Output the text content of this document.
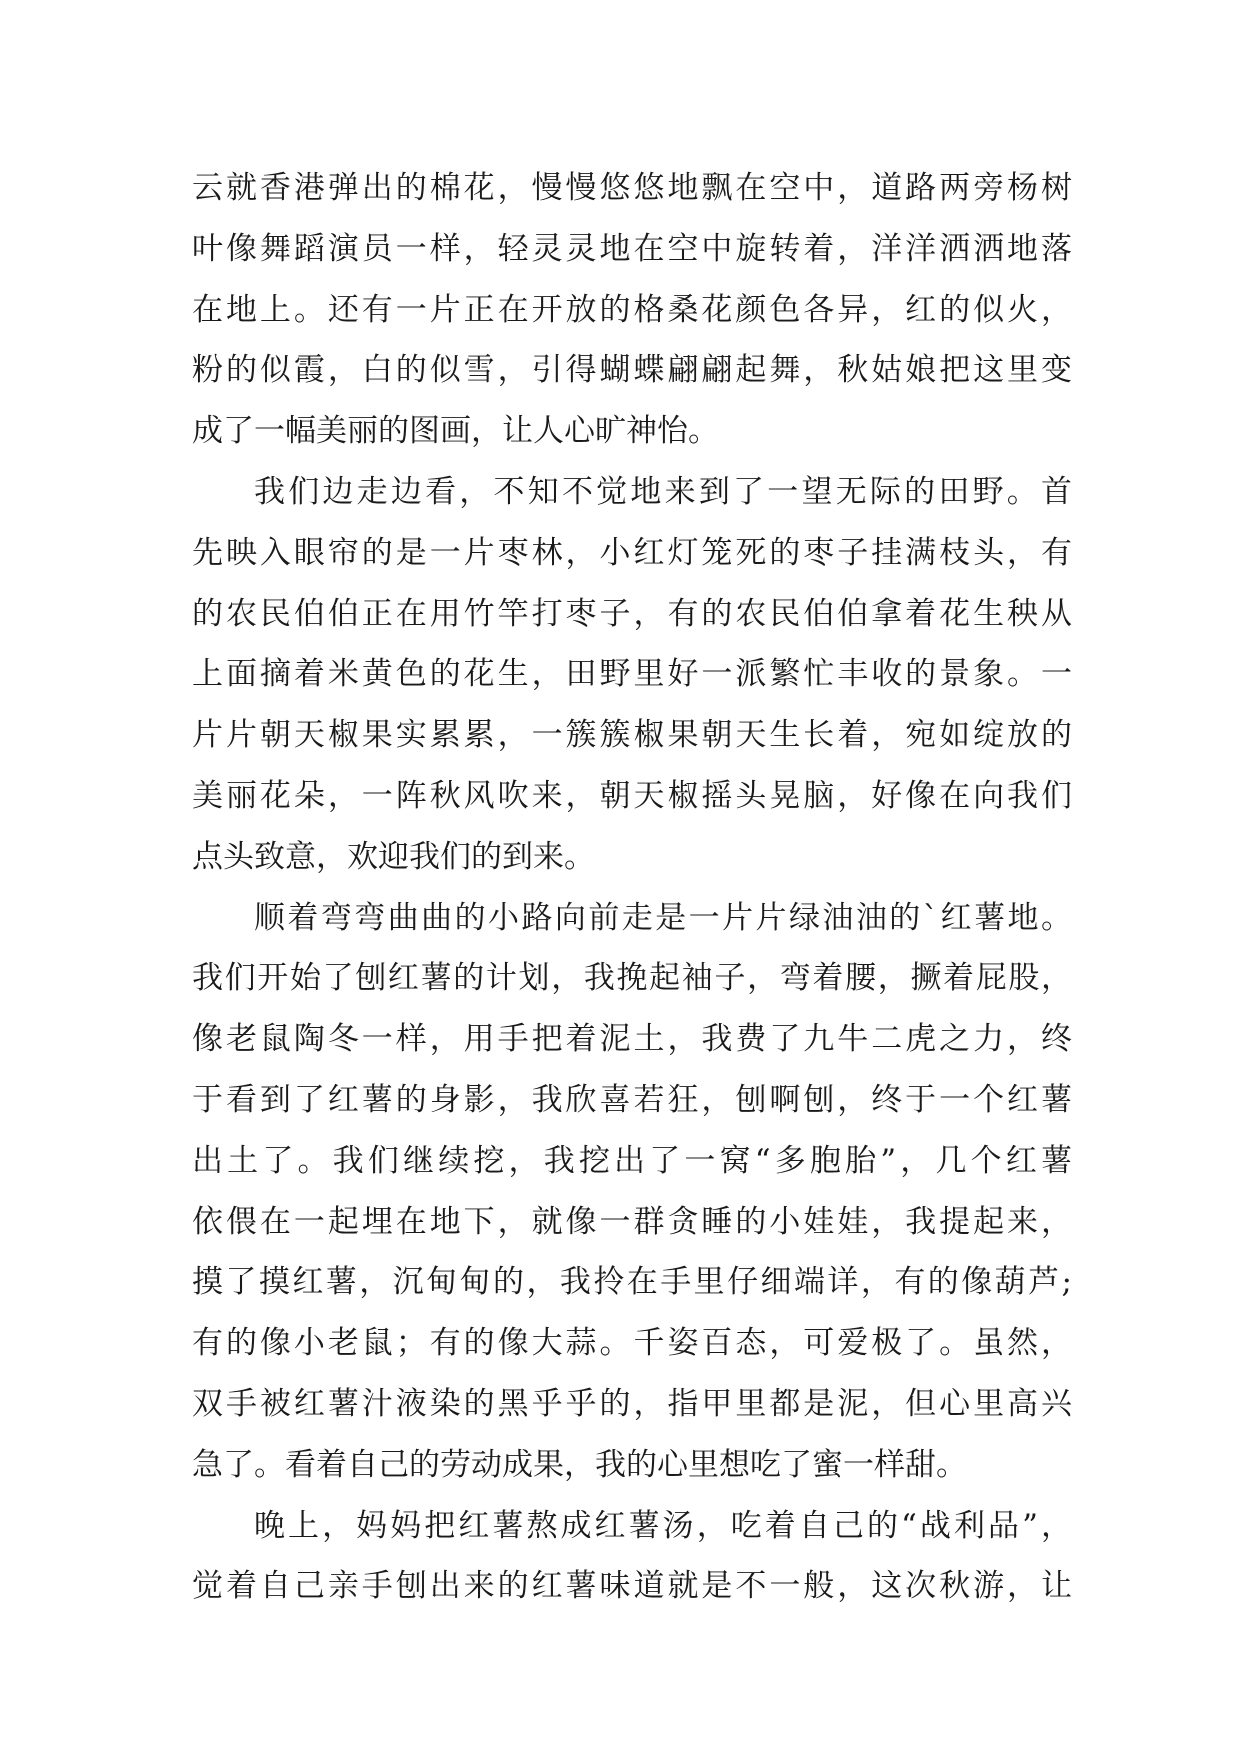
云就香港弹出的棉花，慢慢悠悠地飘在空中，道路两旁杨树
叶像舞蹈演员一样，轻灵灵地在空中旋转着，洋洋洒洒地落
在地上。还有一片正在开放的格桑花颜色各异，红的似火，
粉的似霞，白的似雪，引得蝴蝶翩翩起舞，秋姑娘把这里变
成了一幅美丽的图画，让人心旷神怡。
我们边走边看，不知不觉地来到了一望无际的田野。首
先映入眼帘的是一片枣林，小红灯笼死的枣子挂满枝头，有
的农民伯伯正在用竹竿打枣子，有的农民伯伯拿着花生秧从
上面摘着米黄色的花生，田野里好一派繁忙丰收的景象。一
片片朝天椒果实累累，一簇簇椒果朝天生长着，宛如绽放的
美丽花朵，一阵秋风吹来，朝天椒摇头晃脑，好像在向我们
点头致意，欢迎我们的到来。
顺着弯弯曲曲的小路向前走是一片片绿油油的`红薯地。
我们开始了刨红薯的计划，我挽起袖子，弯着腰，撅着屁股，
像老鼠陶冬一样，用手把着泥土，我费了九牛二虎之力，终
于看到了红薯的身影，我欣喜若狂，刨啊刨，终于一个红薯
出土了。我们继续挖，我挖出了一窝“多胞胎”，几个红薯
依偎在一起埋在地下，就像一群贪睡的小娃娃，我提起来，
摸了摸红薯，沉甸甸的，我拎在手里仔细端详，有的像葫芦;
有的像小老鼠；有的像大蒜。千姿百态，可爱极了。虽然，
双手被红薯汁液染的黑乎乎的，指甲里都是泥，但心里高兴
急了。看着自己的劳动成果，我的心里想吃了蜜一样甜。
晚上，妈妈把红薯熬成红薯汤，吃着自己的“战利品”，
觉着自己亲手刨出来的红薯味道就是不一般，这次秋游，让
